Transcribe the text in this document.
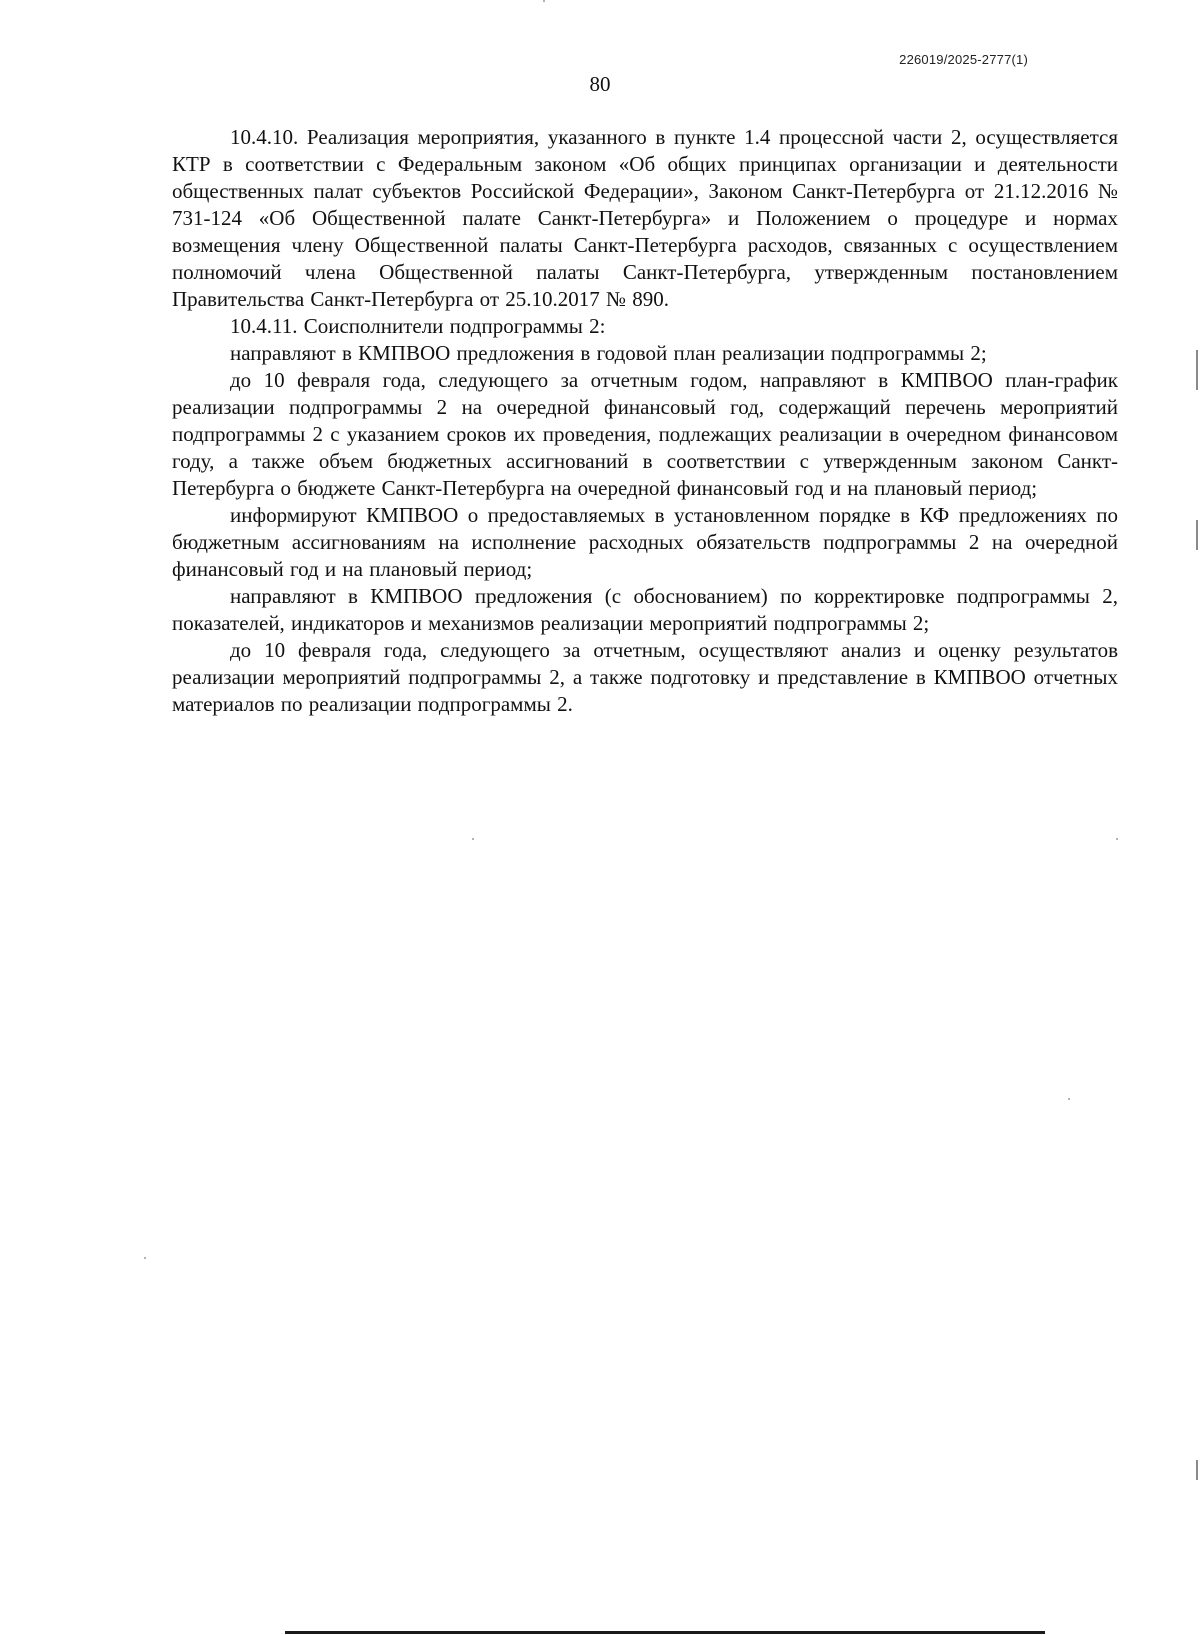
226019/2025-2777(1)
80

10.4.10. Реализация мероприятия, указанного в пункте 1.4 процессной части 2, осуществляется КТР в соответствии с Федеральным законом «Об общих принципах организации и деятельности общественных палат субъектов Российской Федерации», Законом Санкт-Петербурга от 21.12.2016 № 731-124 «Об Общественной палате Санкт-Петербурга» и Положением о процедуре и нормах возмещения члену Общественной палаты Санкт-Петербурга расходов, связанных с осуществлением полномочий члена Общественной палаты Санкт-Петербурга, утвержденным постановлением Правительства Санкт-Петербурга от 25.10.2017 № 890.

10.4.11. Соисполнители подпрограммы 2:

направляют в КМПВОО предложения в годовой план реализации подпрограммы 2;

до 10 февраля года, следующего за отчетным годом, направляют в КМПВОО план-график реализации подпрограммы 2 на очередной финансовый год, содержащий перечень мероприятий подпрограммы 2 с указанием сроков их проведения, подлежащих реализации в очередном финансовом году, а также объем бюджетных ассигнований в соответствии с утвержденным законом Санкт-Петербурга о бюджете Санкт-Петербурга на очередной финансовый год и на плановый период;

информируют КМПВОО о предоставляемых в установленном порядке в КФ предложениях по бюджетным ассигнованиям на исполнение расходных обязательств подпрограммы 2 на очередной финансовый год и на плановый период;

направляют в КМПВОО предложения (с обоснованием) по корректировке подпрограммы 2, показателей, индикаторов и механизмов реализации мероприятий подпрограммы 2;

до 10 февраля года, следующего за отчетным, осуществляют анализ и оценку результатов реализации мероприятий подпрограммы 2, а также подготовку и представление в КМПВОО отчетных материалов по реализации подпрограммы 2.
